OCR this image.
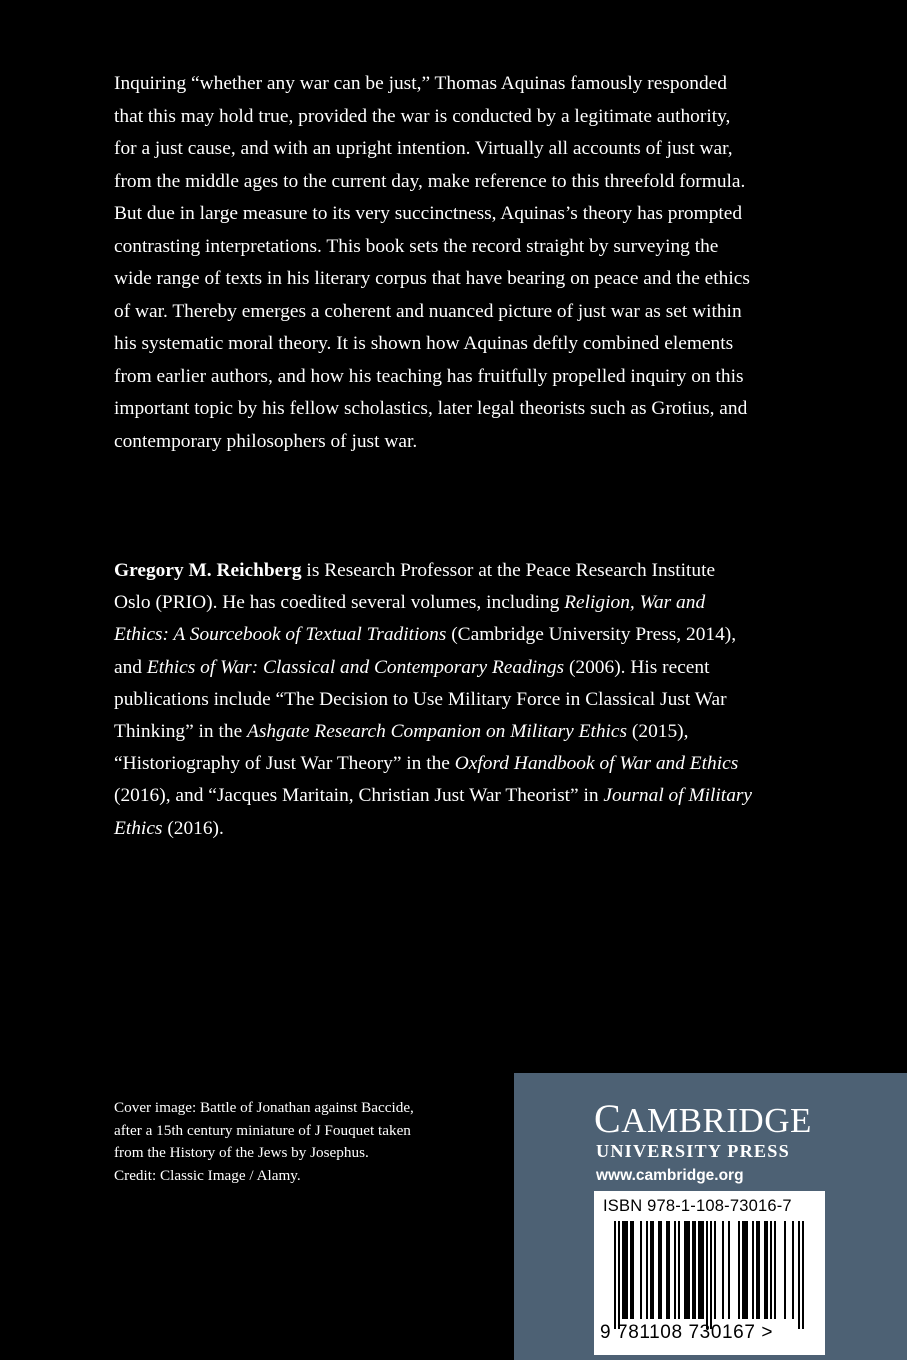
Inquiring “whether any war can be just,” Thomas Aquinas famously responded that this may hold true, provided the war is conducted by a legitimate authority, for a just cause, and with an upright intention. Virtually all accounts of just war, from the middle ages to the current day, make reference to this threefold formula. But due in large measure to its very succinctness, Aquinas’s theory has prompted contrasting interpretations. This book sets the record straight by surveying the wide range of texts in his literary corpus that have bearing on peace and the ethics of war. Thereby emerges a coherent and nuanced picture of just war as set within his systematic moral theory. It is shown how Aquinas deftly combined elements from earlier authors, and how his teaching has fruitfully propelled inquiry on this important topic by his fellow scholastics, later legal theorists such as Grotius, and contemporary philosophers of just war.

Gregory M. Reichberg is Research Professor at the Peace Research Institute Oslo (PRIO). He has coedited several volumes, including Religion, War and Ethics: A Sourcebook of Textual Traditions (Cambridge University Press, 2014), and Ethics of War: Classical and Contemporary Readings (2006). His recent publications include “The Decision to Use Military Force in Classical Just War Thinking” in the Ashgate Research Companion on Military Ethics (2015), “Historiography of Just War Theory” in the Oxford Handbook of War and Ethics (2016), and “Jacques Maritain, Christian Just War Theorist” in Journal of Military Ethics (2016).

Cover image: Battle of Jonathan against Baccide,
after a 15th century miniature of J Fouquet taken
from the History of the Jews by Josephus.
Credit: Classic Image / Alamy.
CAMBRIDGE
UNIVERSITY PRESS
www.cambridge.org
ISBN 978-1-108-73016-7
9 781108 730167 >
